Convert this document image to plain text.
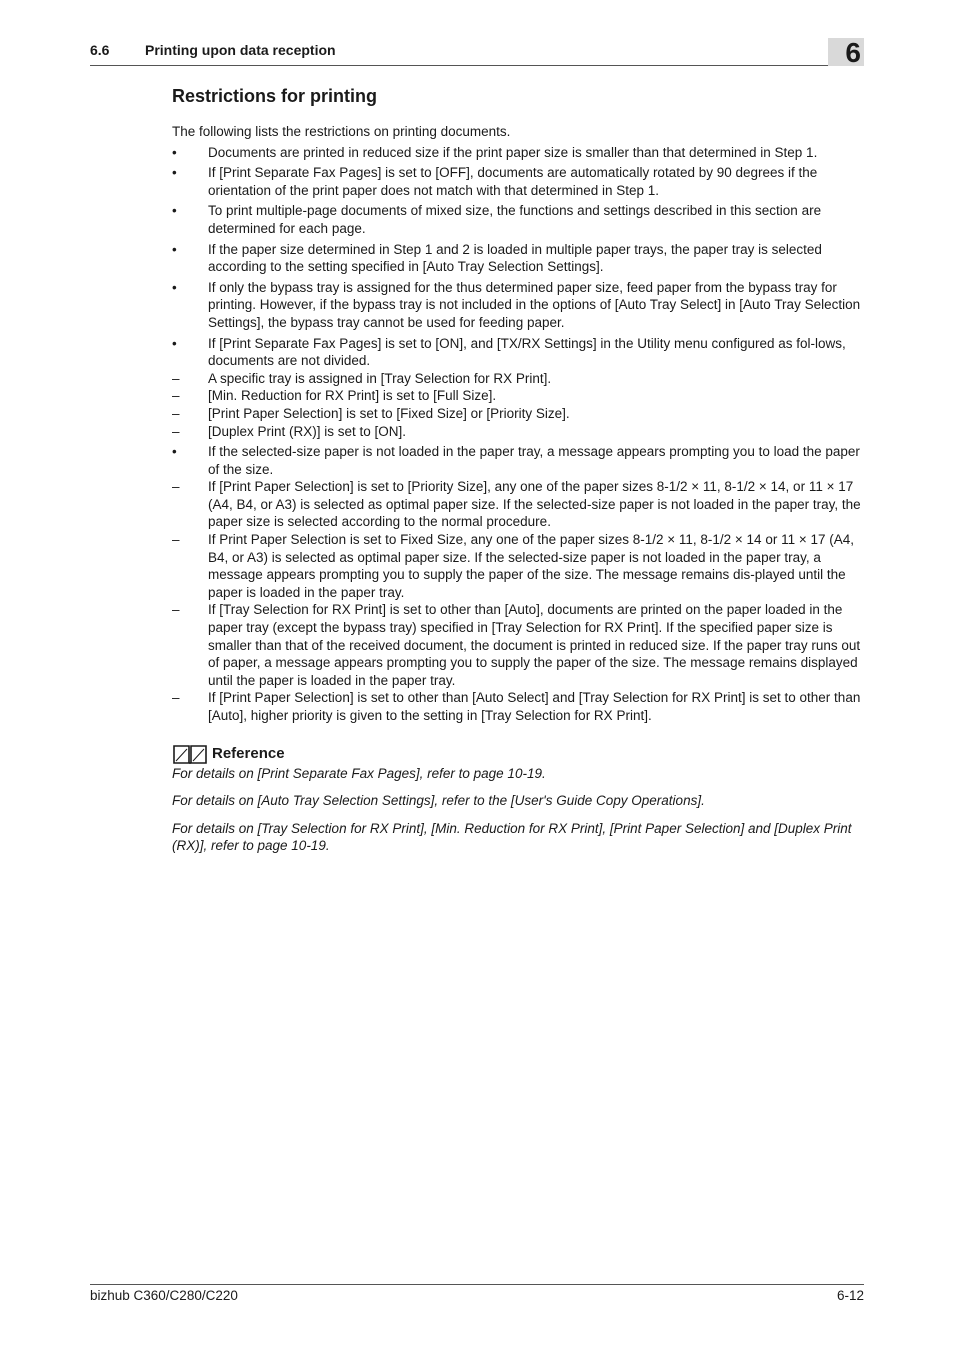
6.6	Printing upon data reception	6
Restrictions for printing

The following lists the restrictions on printing documents.

•	Documents are printed in reduced size if the print paper size is smaller than that determined in Step 1.
•	If [Print Separate Fax Pages] is set to [OFF], documents are automatically rotated by 90 degrees if the orientation of the print paper does not match with that determined in Step 1.
•	To print multiple-page documents of mixed size, the functions and settings described in this section are determined for each page.
•	If the paper size determined in Step 1 and 2 is loaded in multiple paper trays, the paper tray is selected according to the setting specified in [Auto Tray Selection Settings].
•	If only the bypass tray is assigned for the thus determined paper size, feed paper from the bypass tray for printing. However, if the bypass tray is not included in the options of [Auto Tray Select] in [Auto Tray Selection Settings], the bypass tray cannot be used for feeding paper.
•	If [Print Separate Fax Pages] is set to [ON], and [TX/RX Settings] in the Utility menu configured as fol-lows, documents are not divided.
–	A specific tray is assigned in [Tray Selection for RX Print].
–	[Min. Reduction for RX Print] is set to [Full Size].
–	[Print Paper Selection] is set to [Fixed Size] or [Priority Size].
–	[Duplex Print (RX)] is set to [ON].
•	If the selected-size paper is not loaded in the paper tray, a message appears prompting you to load the paper of the size.
–	If [Print Paper Selection] is set to [Priority Size], any one of the paper sizes 8-1/2 × 11, 8-1/2 × 14, or 11 × 17 (A4, B4, or A3) is selected as optimal paper size. If the selected-size paper is not loaded in the paper tray, the paper size is selected according to the normal procedure.
–	If Print Paper Selection is set to Fixed Size, any one of the paper sizes 8-1/2 × 11, 8-1/2 × 14 or 11 × 17 (A4, B4, or A3) is selected as optimal paper size. If the selected-size paper is not loaded in the paper tray, a message appears prompting you to supply the paper of the size. The message remains dis-played until the paper is loaded in the paper tray.
–	If [Tray Selection for RX Print] is set to other than [Auto], documents are printed on the paper loaded in the paper tray (except the bypass tray) specified in [Tray Selection for RX Print]. If the specified paper size is smaller than that of the received document, the document is printed in reduced size. If the paper tray runs out of paper, a message appears prompting you to supply the paper of the size. The message remains displayed until the paper is loaded in the paper tray.
–	If [Print Paper Selection] is set to other than [Auto Select] and [Tray Selection for RX Print] is set to other than [Auto], higher priority is given to the setting in [Tray Selection for RX Print].
Reference

For details on [Print Separate Fax Pages], refer to page 10-19.

For details on [Auto Tray Selection Settings], refer to the [User's Guide Copy Operations].

For details on [Tray Selection for RX Print], [Min. Reduction for RX Print], [Print Paper Selection] and [Duplex Print (RX)], refer to page 10-19.

bizhub C360/C280/C220	6-12
